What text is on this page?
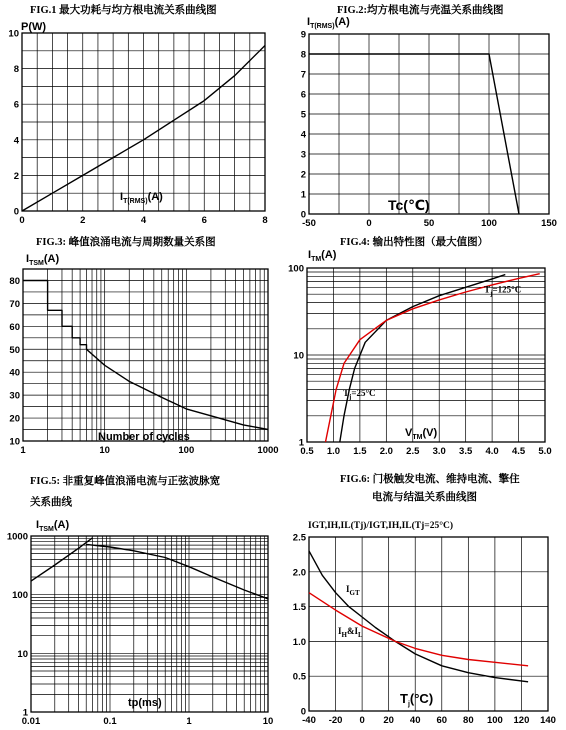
FIG.1 最大功耗与均方根电流关系曲线图
0	2	4	6	8
0
2
4
6
8
10
P(W)
$I_{T(RMS)}(A)$
FIG.2:均方根电流与壳温关系曲线图
-50	0	50	100	150
0
1
2
3
4
5
6
7
8
9
$I_{T(RMS)}(A)$
Tc(℃)
FIG.3: 峰值浪涌电流与周期数量关系图
1	10	100	1000
10
20
30
40
50
60
70
80
$I_{TSM}(A)$
Number of cycles
FIG.4: 输出特性图（最大值图）
0.5 1.0 1.5 2.0 2.5 3.0 3.5 4.0 4.5 5.0
1
10
100
$T_j=125^\circ C$
$T_j=25^\circ C$
$I_{TM}(A)$
$V_{TM}(V)$
FIG.5: 非重复峰值浪涌电流与正弦波脉宽
关系曲线
0.01	0.1	1	10
1
10
100
1000
$I_{TSM}(A)$
tp(ms)
FIG.6: 门极触发电流、维持电流、擎住
电流与结温关系曲线图
-40 -20 0 20 40 60 80 100 120 140
0
0.5
1.0
1.5
2.0
2.5
IGT,IH,IL(Tj)/IGT,IH,IL(Tj=25°C)
$I_{GT}$
$I_H\&I_L$
$T_j(^\circ C)$
